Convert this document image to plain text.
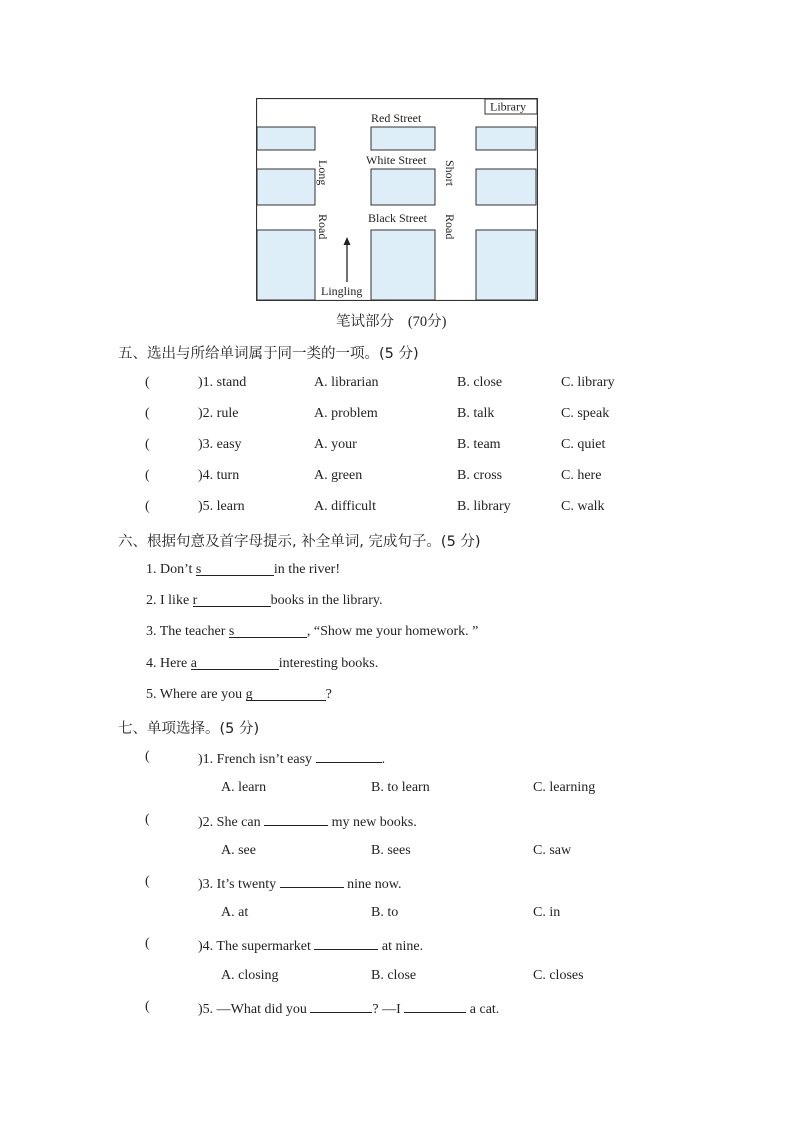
Library
Red Street
White Street
Black Street
Long
Road
Short
Road
Lingling
笔试部分 (70分)
五、选出与所给单词属于同一类的一项。(5 分)
(	)1. stand	A. librarian	B. close	C. library
(	)2. rule	A. problem	B. talk	C. speak
(	)3. easy	A. your	B. team	C. quiet
(	)4. turn	A. green	B. cross	C. here
(	)5. learn	A. difficult	B. library	C. walk
六、根据句意及首字母提示, 补全单词, 完成句子。(5 分)
1. Don’t s	in the river!
2. I like r	books in the library.
3. The teacher s	, “Show me your homework. ”
4. Here a	interesting books.
5. Where are you g	?
七、单项选择。(5 分)
(	)1. French isn’t easy	.
A. learn	B. to learn	C. learning
(	)2. She can	my new books.
A. see	B. sees	C. saw
(	)3. It’s twenty	nine now.
A. at	B. to	C. in
(	)4. The supermarket	at nine.
A. closing	B. close	C. closes
(	)5. —What did you	? —I	a cat.
